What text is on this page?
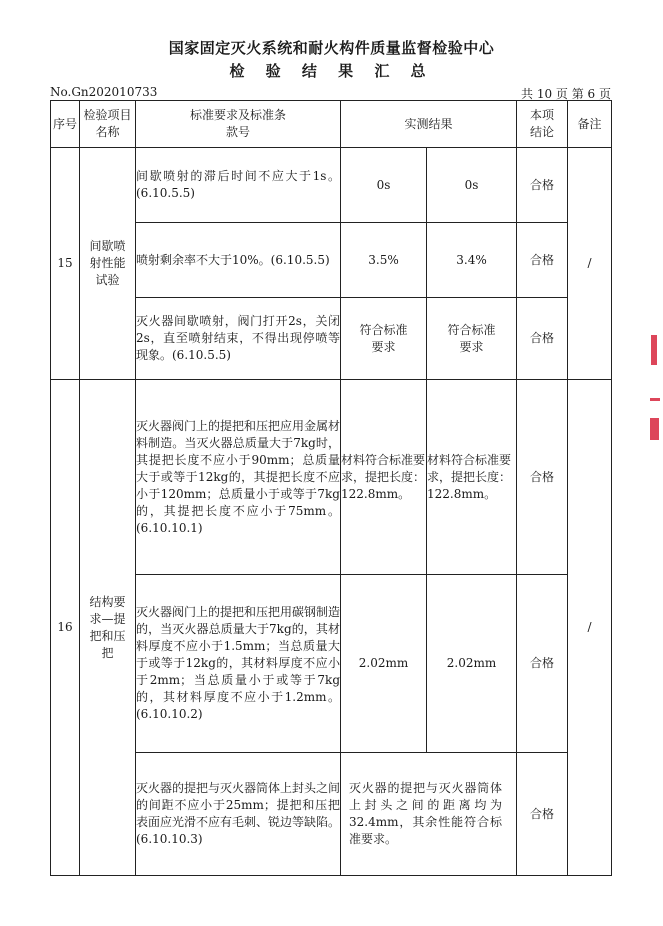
国家固定灭火系统和耐火构件质量监督检验中心
检 验 结 果 汇 总
No.Gn202010733	共 10 页 第 6 页
序号	检验项目名称	标准要求及标准条款号	实测结果		本项结论	备注
15	间歇喷射性能试验	间歇喷射的滞后时间不应大于1s。(6.10.5.5)	0s	0s	合格	/
		喷射剩余率不大于10%。(6.10.5.5)	3.5%	3.4%	合格	
		灭火器间歇喷射，阀门打开2s，关闭2s，直至喷射结束，不得出现停喷等现象。(6.10.5.5)	符合标准要求	符合标准要求	合格	
16	结构要求—提把和压把	灭火器阀门上的提把和压把应用金属材料制造。当灭火器总质量大于7kg时，其提把长度不应小于90mm；总质量大于或等于12kg的，其提把长度不应小于120mm；总质量小于或等于7kg的，其提把长度不应小于75mm。(6.10.10.1)	材料符合标准要求，提把长度：122.8mm。	材料符合标准要求，提把长度：122.8mm。	合格	/
		灭火器阀门上的提把和压把用碳钢制造的，当灭火器总质量大于7kg的，其材料厚度不应小于1.5mm；当总质量大于或等于12kg的，其材料厚度不应小于2mm；当总质量小于或等于7kg的，其材料厚度不应小于1.2mm。(6.10.10.2)	2.02mm	2.02mm	合格	
		灭火器的提把与灭火器筒体上封头之间的间距不应小于25mm；提把和压把表面应光滑不应有毛刺、锐边等缺陷。(6.10.10.3)	灭火器的提把与灭火器筒体上封头之间的距离均为32.4mm，其余性能符合标准要求。		合格	
